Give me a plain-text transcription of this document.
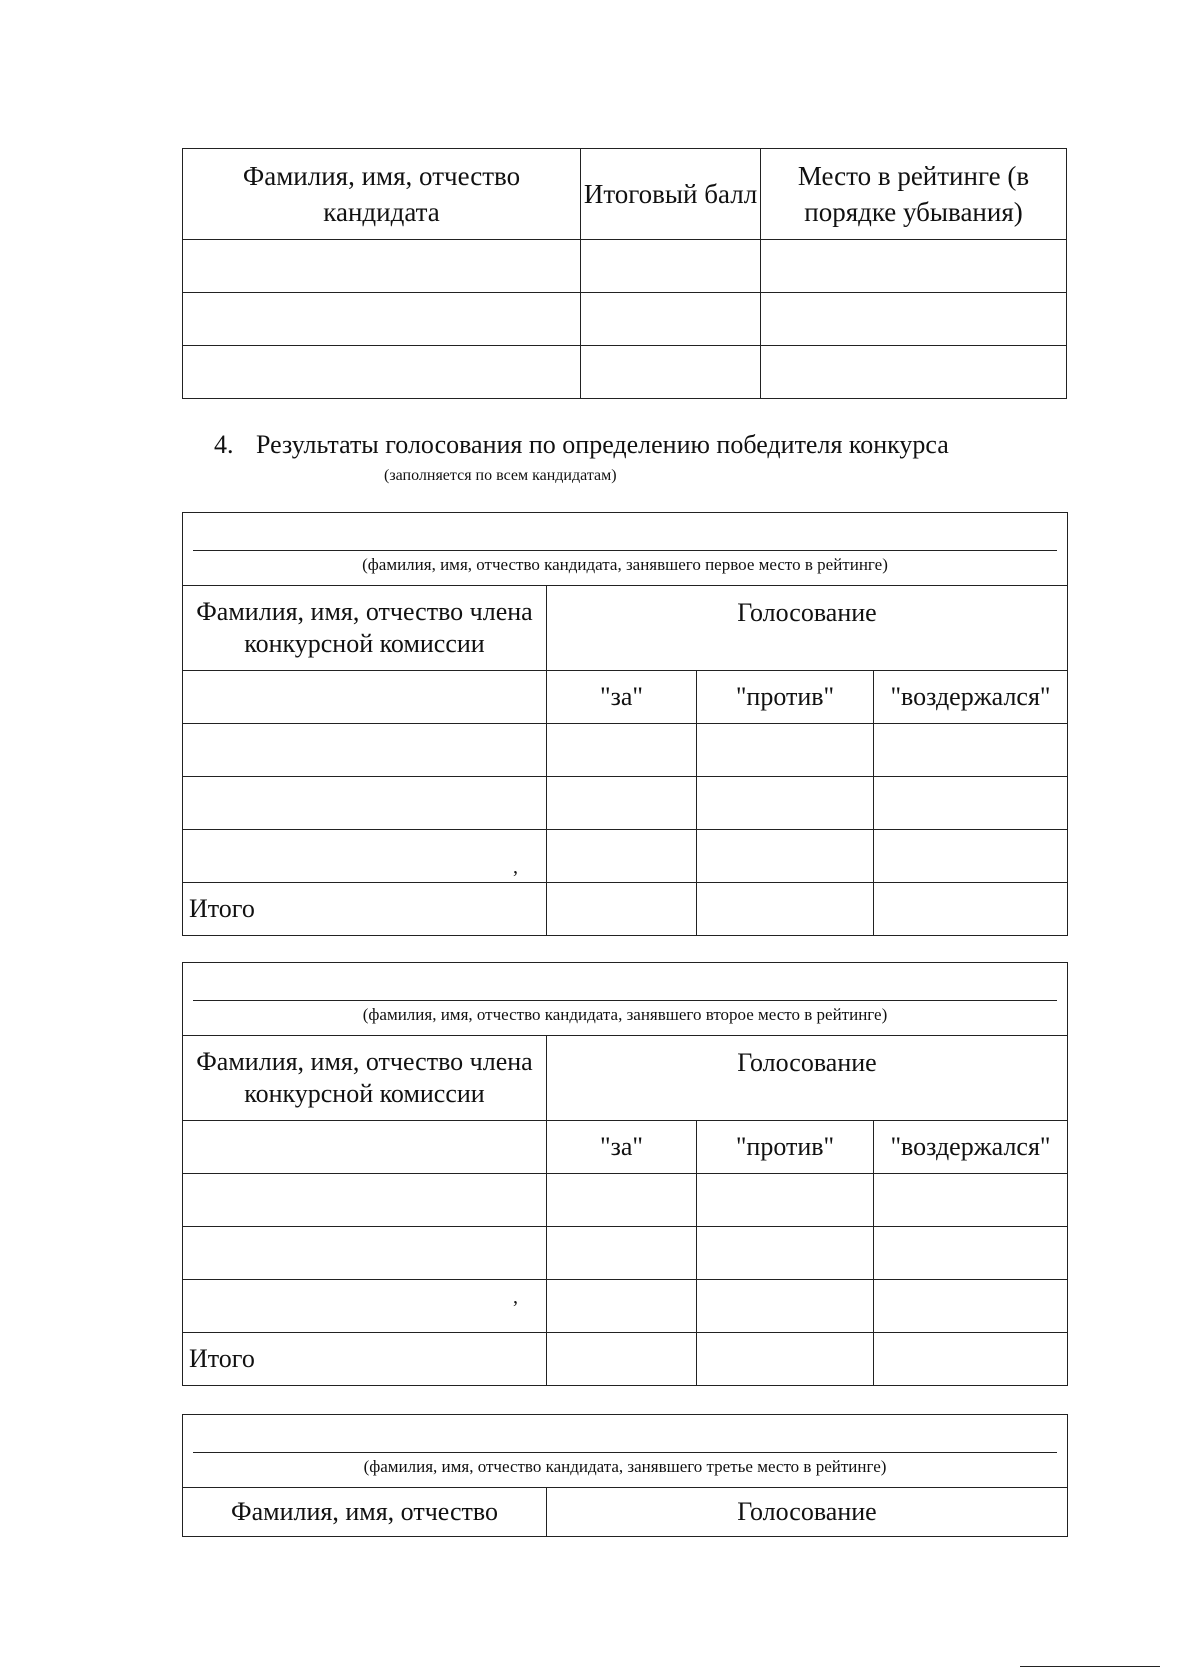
Фамилия, имя, отчество кандидата	Итоговый балл	Место в рейтинге (в порядке убывания)

4. Результаты голосования по определению победителя конкурса
(заполняется по всем кандидатам)
(фамилия, имя, отчество кандидата, занявшего первое место в рейтинге)			

Фамилия, имя, отчество члена конкурсной комиссии	Голосование		
	"за"	"против"	"воздержался"

,			

Итого			
(фамилия, имя, отчество кандидата, занявшего второе место в рейтинге)			

Фамилия, имя, отчество члена конкурсной комиссии	Голосование		
	"за"	"против"	"воздержался"

,			

Итого			
(фамилия, имя, отчество кандидата, занявшего третье место в рейтинге)

Фамилия, имя, отчество	Голосование
